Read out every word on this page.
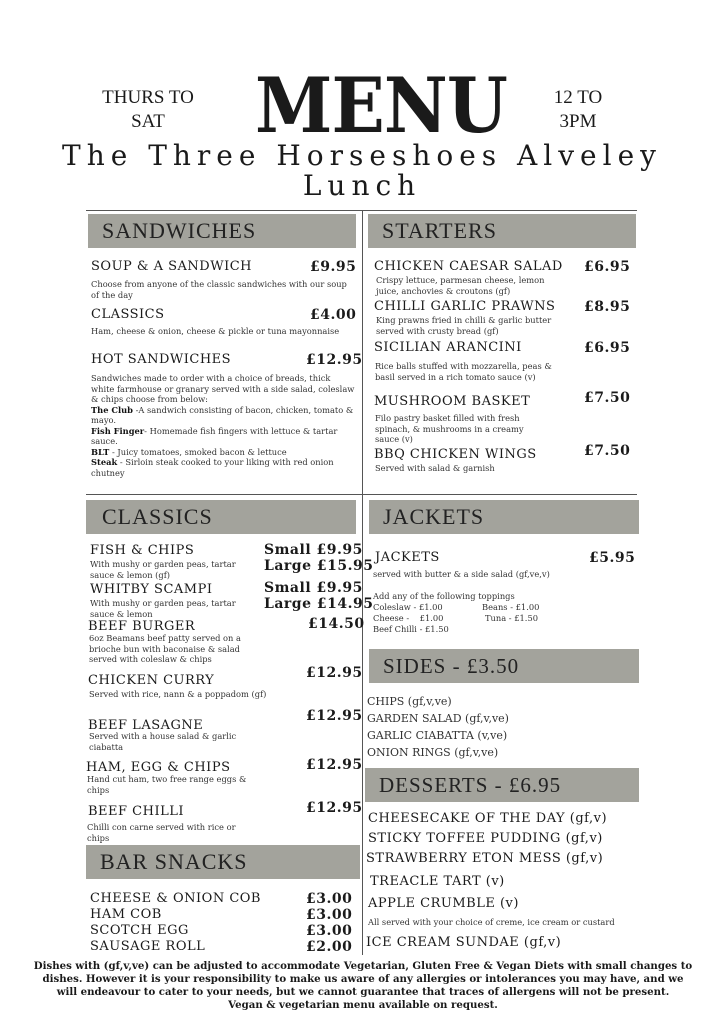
THURS TO
SAT	MENU	12 TO
3PM
The Three Horseshoes Alveley
Lunch
SANDWICHES
SOUP & A SANDWICH	£9.95
Choose from anyone of the classic sandwiches with our soup of the day
CLASSICS	£4.00
Ham, cheese & onion, cheese & pickle or tuna mayonnaise
HOT SANDWICHES	£12.95
Sandwiches made to order with a choice of breads, thick white farmhouse or granary served with a side salad, coleslaw & chips choose from below:
The Club -A sandwich consisting of bacon, chicken, tomato & mayo.
Fish Finger- Homemade fish fingers with lettuce & tartar sauce.
BLT - Juicy tomatoes, smoked bacon & lettuce
Steak - Sirloin steak cooked to your liking with red onion chutney
STARTERS
CHICKEN CAESAR SALAD £6.95
Crispy lettuce, parmesan cheese, lemon juice, anchovies & croutons (gf)
CHILLI GARLIC PRAWNS £8.95
King prawns fried in chilli & garlic butter served with crusty bread (gf)
SICILIAN ARANCINI	£6.95
Rice balls stuffed with mozzarella, peas & basil served in a rich tomato sauce (v)
MUSHROOM BASKET	£7.50
Filo pastry basket filled with fresh spinach, & mushrooms in a creamy sauce (v)
BBQ CHICKEN WINGS	£7.50
Served with salad & garnish
CLASSICS
FISH & CHIPS	Small £9.95
Large £15.95
With mushy or garden peas, tartar sauce & lemon (gf)
WHITBY SCAMPI	Small £9.95
Large £14.95
With mushy or garden peas, tartar sauce & lemon
BEEF BURGER	£14.50
6oz Beamans beef patty served on a brioche bun with baconaise & salad served with coleslaw & chips
CHICKEN CURRY	£12.95
Served with rice, nann & a poppadom (gf)
BEEF LASAGNE
£12.95
Served with a house salad & garlic ciabatta
HAM, EGG & CHIPS	£12.95
Hand cut ham, two free range eggs & chips
BEEF CHILLI	£12.95
Chilli con carne served with rice or chips
JACKETS
JACKETS	£5.95
served with butter & a side salad (gf,ve,v)
Add any of the following toppings
Coleslaw - £1.00	Beans - £1.00
Cheese -    £1.00	Tuna - £1.50
Beef Chilli - £1.50
SIDES - £3.50
CHIPS (gf,v,ve)
GARDEN SALAD (gf,v,ve)
GARLIC CIABATTA (v,ve)
ONION RINGS (gf,v,ve)
DESSERTS - £6.95
CHEESECAKE OF THE DAY (gf,v)
STICKY TOFFEE PUDDING (gf,v)
STRAWBERRY ETON MESS (gf,v)
TREACLE TART (v)
APPLE CRUMBLE (v)
All served with your choice of creme, ice cream or custard
ICE CREAM SUNDAE (gf,v)
BAR SNACKS
CHEESE & ONION COB	£3.00
HAM COB	£3.00
SCOTCH EGG	£3.00
SAUSAGE ROLL	£2.00
Dishes with (gf,v,ve) can be adjusted to accommodate Vegetarian, Gluten Free & Vegan Diets with small changes to
dishes. However it is your responsibility to make us aware of any allergies or intolerances you may have, and we
will endeavour to cater to your needs, but we cannot guarantee that traces of allergens will not be present.
Vegan & vegetarian menu available on request.
